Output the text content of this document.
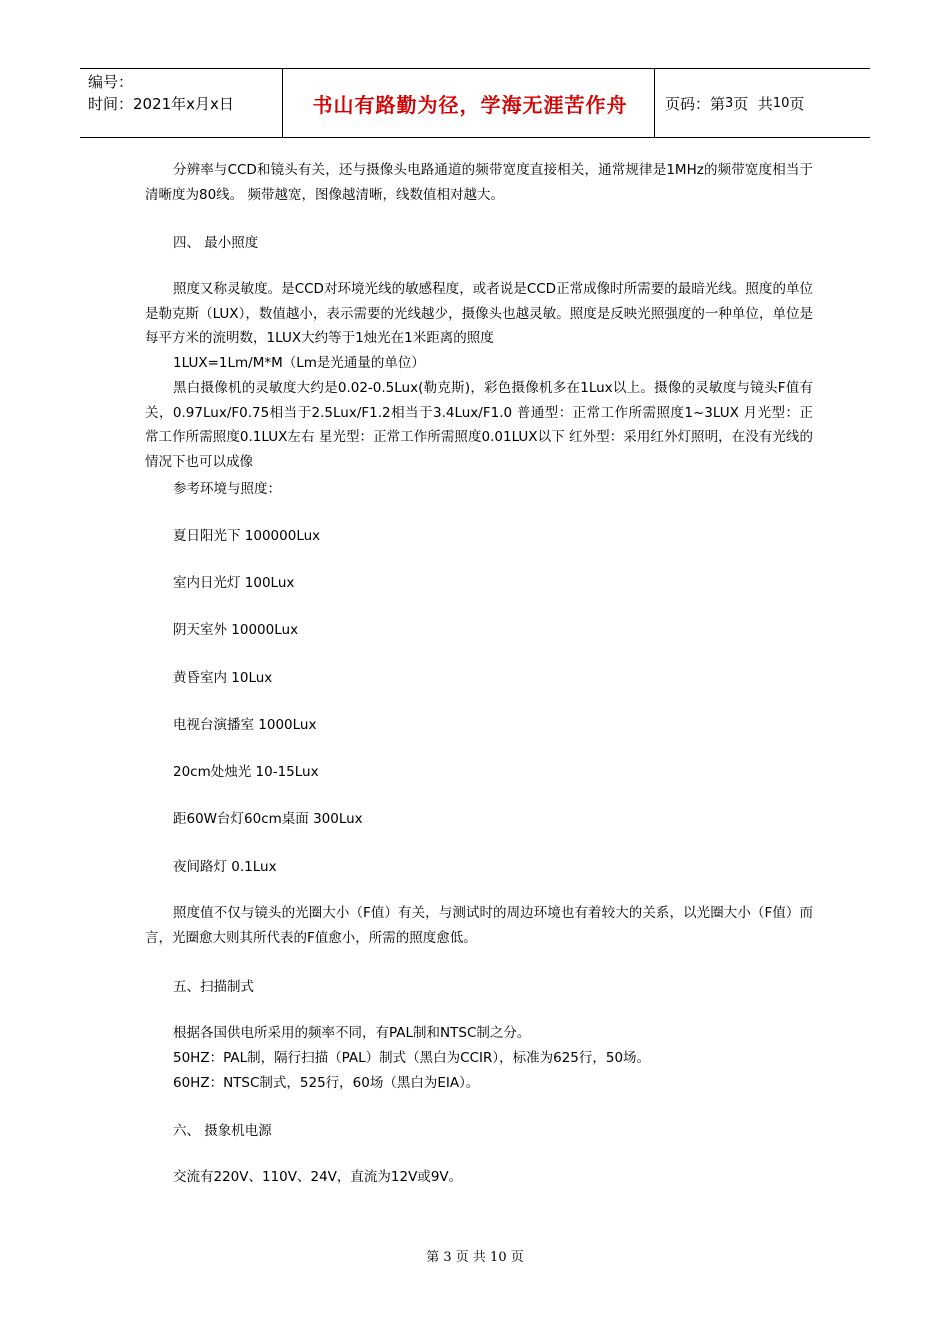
编号：
时间：2021年x月x日	书山有路勤为径，学海无涯苦作舟	页码：第 3 页  共 10 页
分辨率与CCD和镜头有关，还与摄像头电路通道的频带宽度直接相关，通常规律是1MHz的频带宽度相当于清晰度为80线。 频带越宽，图像越清晰，线数值相对越大。
四、 最小照度
照度又称灵敏度。是CCD对环境光线的敏感程度，或者说是CCD正常成像时所需要的最暗光线。照度的单位是勒克斯（LUX），数值越小，表示需要的光线越少，摄像头也越灵敏。照度是反映光照强度的一种单位，单位是每平方米的流明数，1LUX大约等于1烛光在1米距离的照度
1LUX=1Lm/M*M（Lm是光通量的单位）
黑白摄像机的灵敏度大约是0.02-0.5Lux(勒克斯)，彩色摄像机多在1Lux以上。摄像的灵敏度与镜头F值有关，0.97Lux/F0.75相当于2.5Lux/F1.2相当于3.4Lux/F1.0 普通型：正常工作所需照度1~3LUX 月光型：正常工作所需照度0.1LUX左右 星光型：正常工作所需照度0.01LUX以下 红外型：采用红外灯照明，在没有光线的情况下也可以成像
参考环境与照度：
夏日阳光下 100000Lux
室内日光灯 100Lux
阴天室外 10000Lux
黄昏室内 10Lux
电视台演播室 1000Lux
20cm处烛光 10-15Lux
距60W台灯60cm桌面 300Lux
夜间路灯 0.1Lux
照度值不仅与镜头的光圈大小（F值）有关，与测试时的周边环境也有着较大的关系，以光圈大小（F值）而言，光圈愈大则其所代表的F值愈小，所需的照度愈低。
五、扫描制式
根据各国供电所采用的频率不同，有PAL制和NTSC制之分。
50HZ：PAL制，隔行扫描（PAL）制式（黑白为CCIR），标准为625行，50场。
60HZ：NTSC制式，525行，60场（黑白为EIA）。
六、 摄象机电源
交流有220V、110V、24V，直流为12V或9V。
第 3 页 共 10 页
